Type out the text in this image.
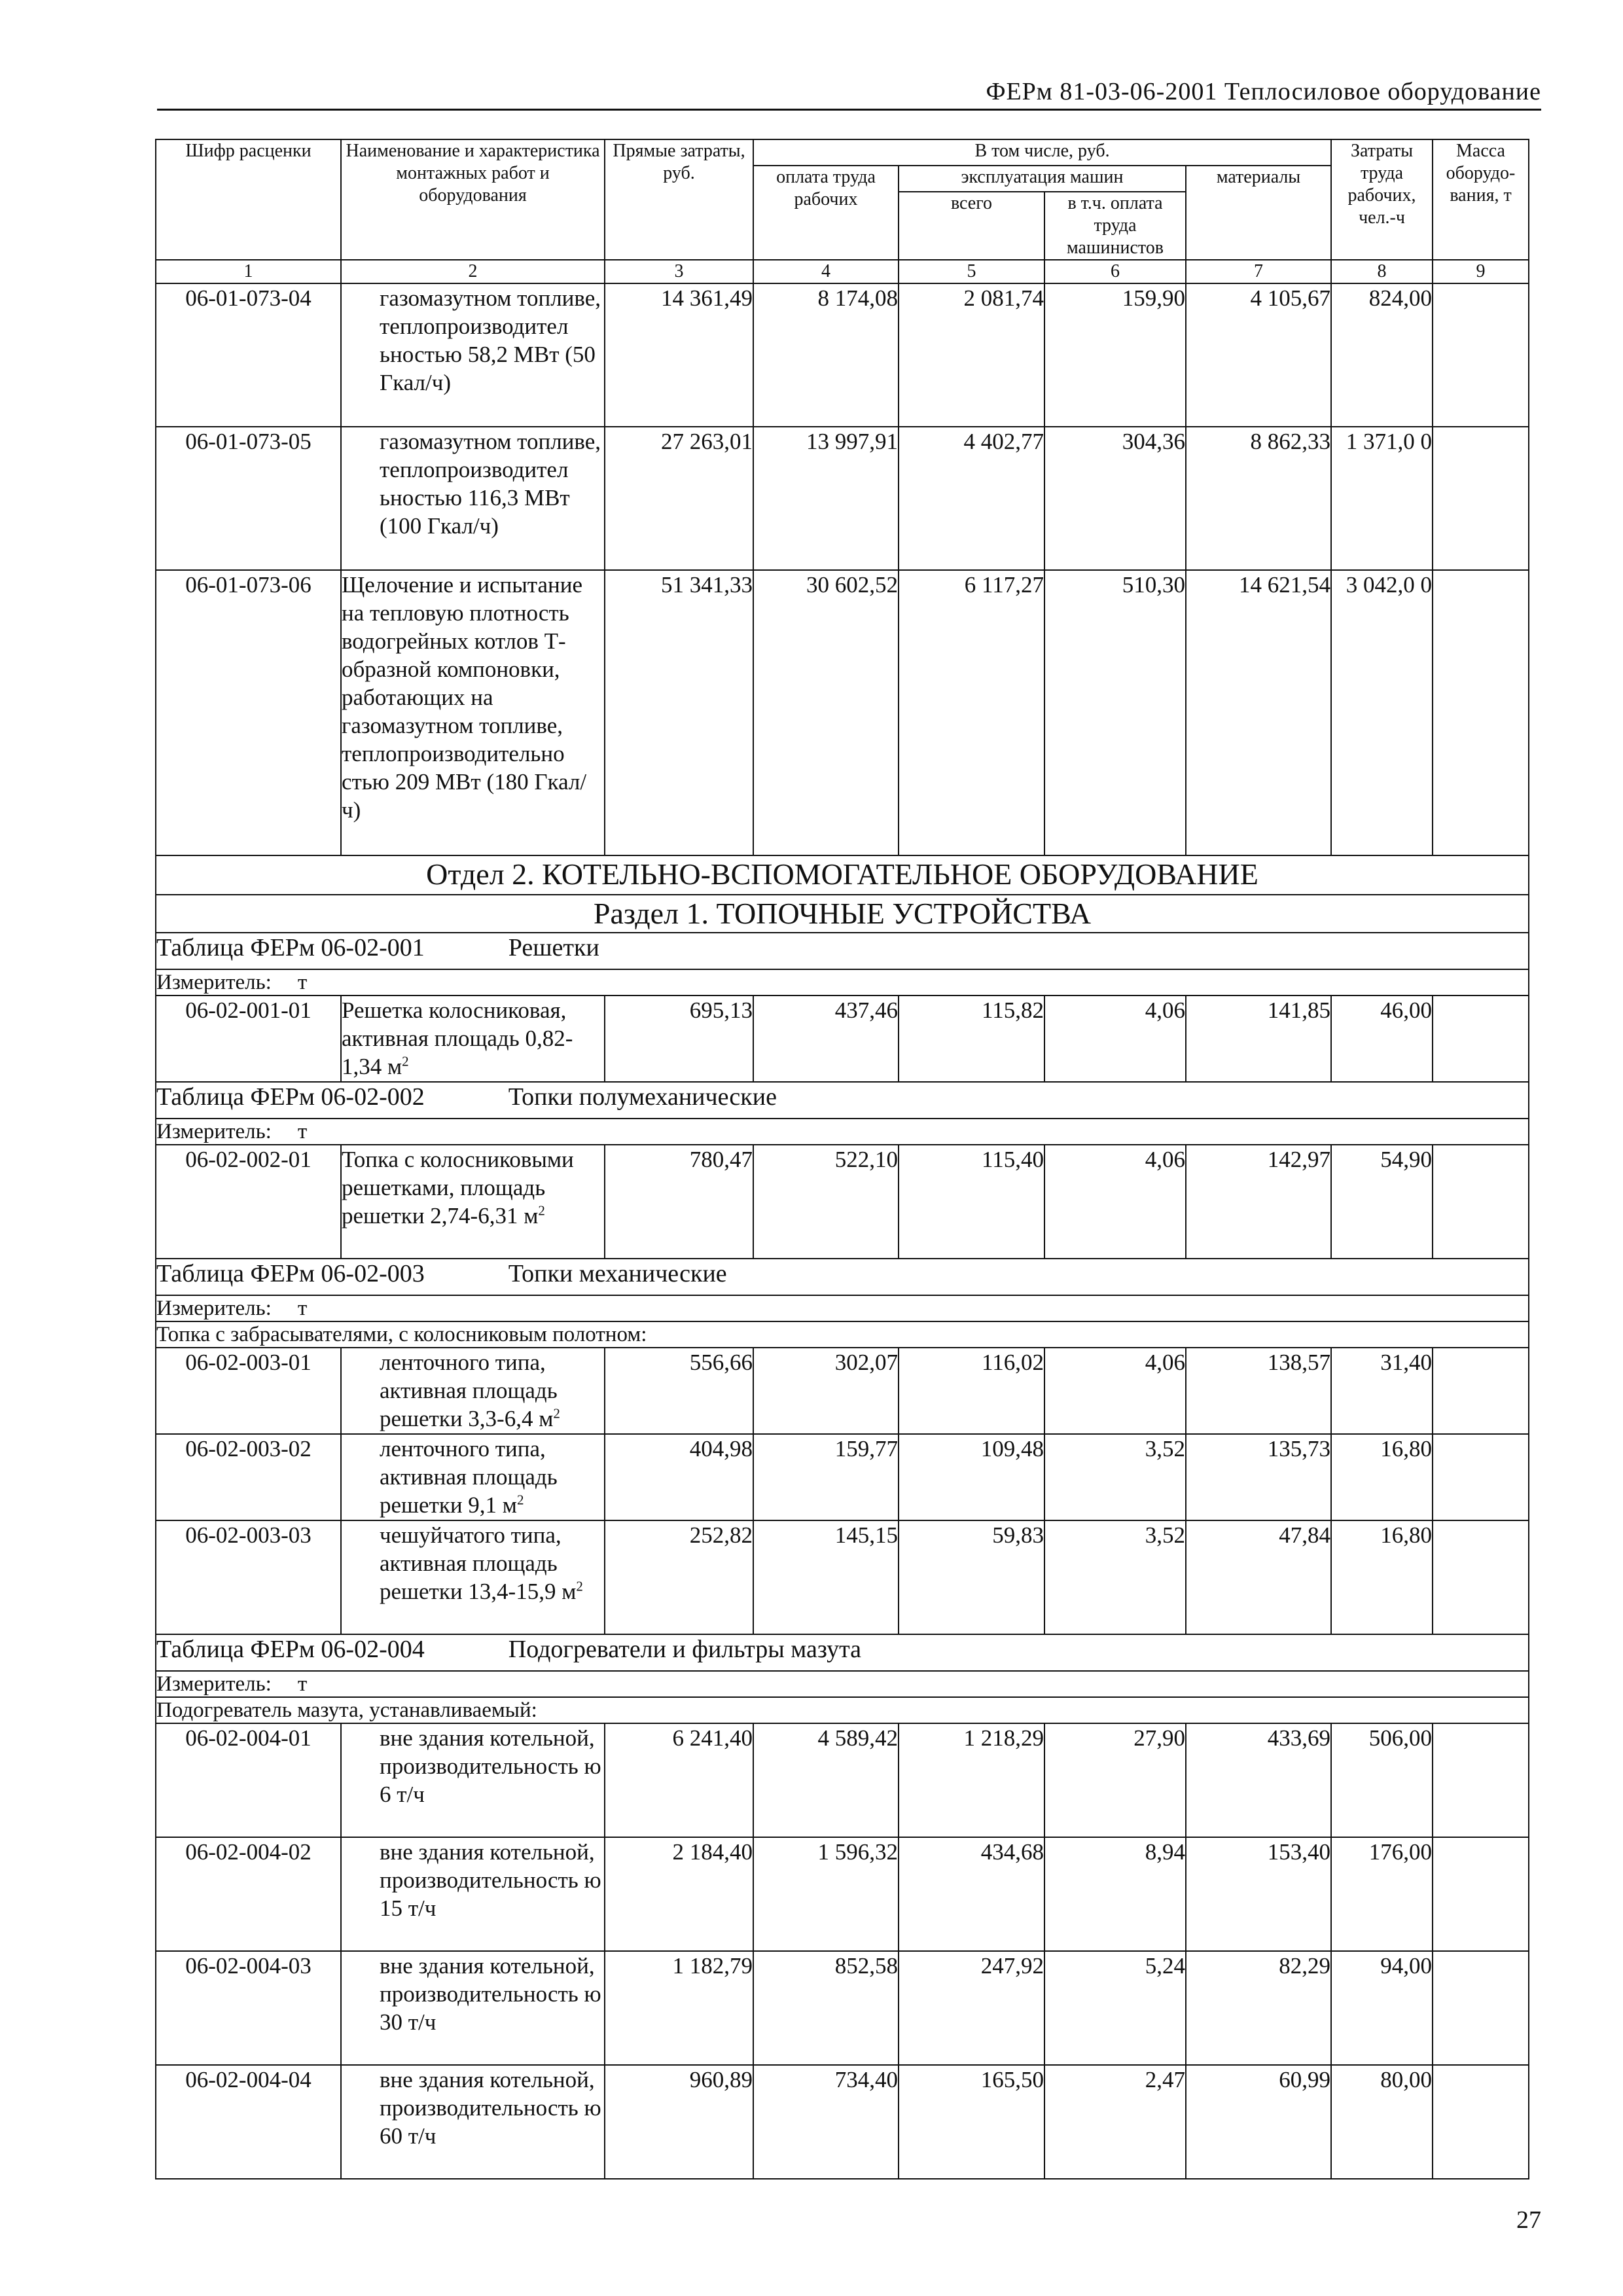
ФЕРм 81-03-06-2001 Теплосиловое оборудование
Шифр расценки	Наименование и характеристика монтажных работ и оборудования	Прямые затраты, руб.	В том числе, руб.				Затраты труда рабочих, чел.-ч	Масса оборудо- вания, т
			оплата труда рабочих	эксплуатация машин		материалы		
				всего	в т.ч. оплата труда машинистов			
1	2	3	4	5	6	7	8	9
06-01-073-04	газомазутном топливе, теплопроизводител ьностью 58,2 МВт (50 Гкал/ч)	14 361,49	8 174,08	2 081,74	159,90	4 105,67	824,00	
06-01-073-05	газомазутном топливе, теплопроизводител ьностью 116,3 МВт (100 Гкал/ч)	27 263,01	13 997,91	4 402,77	304,36	8 862,33	1 371,0 0	
06-01-073-06	Щелочение и испытание на тепловую плотность водогрейных котлов Т-образной компоновки, работающих на газомазутном топливе, теплопроизводительно стью 209 МВт (180 Гкал/ч)	51 341,33	30 602,52	6 117,27	510,30	14 621,54	3 042,0 0	
Отдел 2. КОТЕЛЬНО-ВСПОМОГАТЕЛЬНОЕ ОБОРУДОВАНИЕ								
Раздел 1. ТОПОЧНЫЕ УСТРОЙСТВА								
Таблица ФЕРм 06-02-001 Решетки								

Измеритель: т								
06-02-001-01	Решетка колосниковая, активная площадь 0,82-1,34 $м^2$	695,13	437,46	115,82	4,06	141,85	46,00	
Таблица ФЕРм 06-02-002 Топки полумеханические								

Измеритель: т								
06-02-002-01	Топка с колосниковыми решетками, площадь решетки 2,74-6,31 $м^2$	780,47	522,10	115,40	4,06	142,97	54,90	
Таблица ФЕРм 06-02-003 Топки механические								

Измеритель: т								
Топка с забрасывателями, с колосниковым полотном:								
06-02-003-01	ленточного типа, активная площадь решетки 3,3-6,4 $м^2$	556,66	302,07	116,02	4,06	138,57	31,40	
06-02-003-02	ленточного типа, активная площадь решетки 9,1 $м^2$	404,98	159,77	109,48	3,52	135,73	16,80	
06-02-003-03	чешуйчатого типа, активная площадь решетки 13,4-15,9 $м^2$	252,82	145,15	59,83	3,52	47,84	16,80	
Таблица ФЕРм 06-02-004 Подогреватели и фильтры мазута								

Измеритель: т								
Подогреватель мазута, устанавливаемый:								
06-02-004-01	вне здания котельной, производительность ю 6 т/ч	6 241,40	4 589,42	1 218,29	27,90	433,69	506,00	
06-02-004-02	вне здания котельной, производительность ю 15 т/ч	2 184,40	1 596,32	434,68	8,94	153,40	176,00	
06-02-004-03	вне здания котельной, производительность ю 30 т/ч	1 182,79	852,58	247,92	5,24	82,29	94,00	
06-02-004-04	вне здания котельной, производительность ю 60 т/ч	960,89	734,40	165,50	2,47	60,99	80,00	
27
